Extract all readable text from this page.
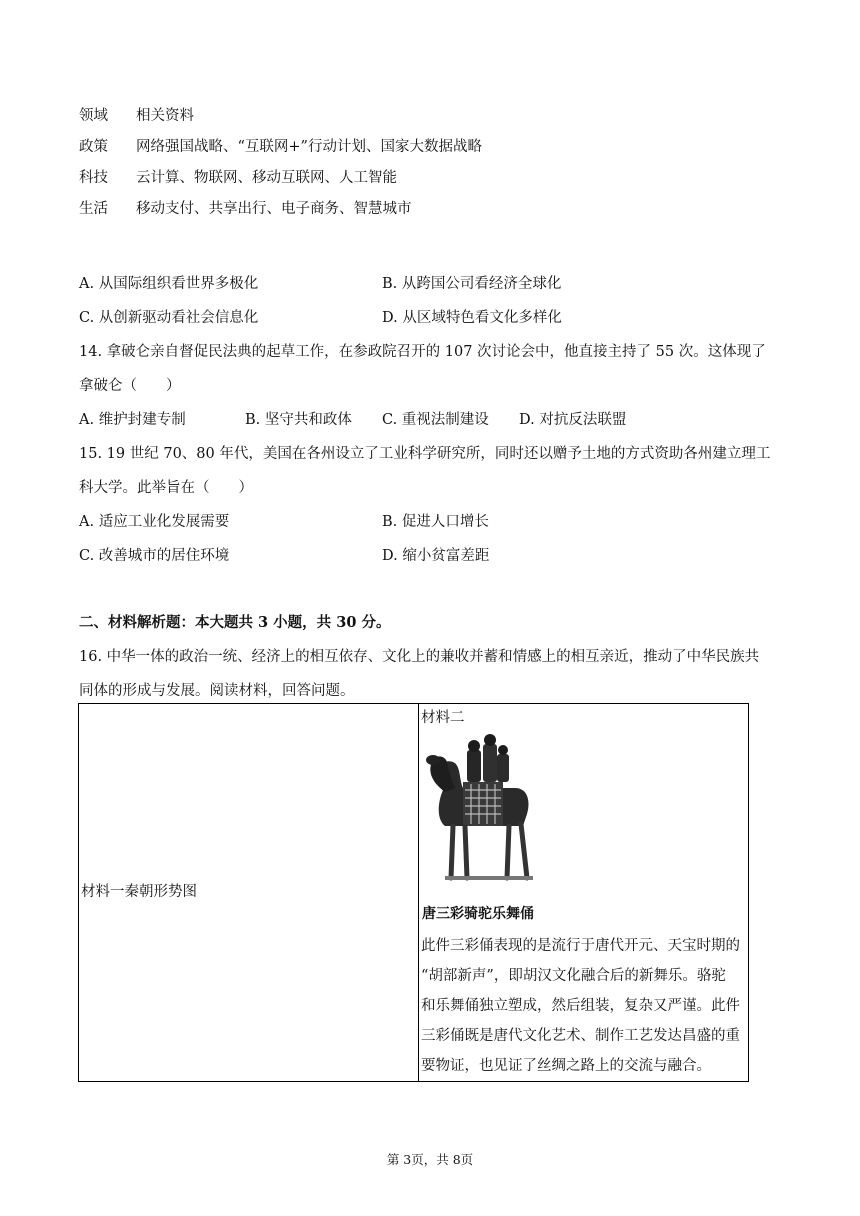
领域	相关资料
政策	网络强国战略、“互联网+”行动计划、国家大数据战略
科技	云计算、物联网、移动互联网、人工智能
生活	移动支付、共享出行、电子商务、智慧城市
A. 从国际组织看世界多极化	B. 从跨国公司看经济全球化
C. 从创新驱动看社会信息化	D. 从区域特色看文化多样化
14. 拿破仑亲自督促民法典的起草工作，在参政院召开的 107 次讨论会中，他直接主持了 55 次。这体现了
拿破仑（　　）
A. 维护封建专制	B. 坚守共和政体 C. 重视法制建设 D. 对抗反法联盟
15. 19 世纪 70、80 年代，美国在各州设立了工业科学研究所，同时还以赠予土地的方式资助各州建立理工
科大学。此举旨在（　　）
A. 适应工业化发展需要	B. 促进人口增长
C. 改善城市的居住环境	D. 缩小贫富差距
二、材料解析题：本大题共 3 小题，共 30 分。
16. 中华一体的政治一统、经济上的相互依存、文化上的兼收并蓄和情感上的相互亲近，推动了中华民族共
同体的形成与发展。阅读材料，回答问题。
材料一秦朝形势图
材料二
唐三彩骑驼乐舞俑
此件三彩俑表现的是流行于唐代开元、天宝时期的
“胡部新声”，即胡汉文化融合后的新舞乐。骆驼
和乐舞俑独立塑成，然后组装，复杂又严谨。此件
三彩俑既是唐代文化艺术、制作工艺发达昌盛的重
要物证，也见证了丝绸之路上的交流与融合。
第 3页，共 8页
